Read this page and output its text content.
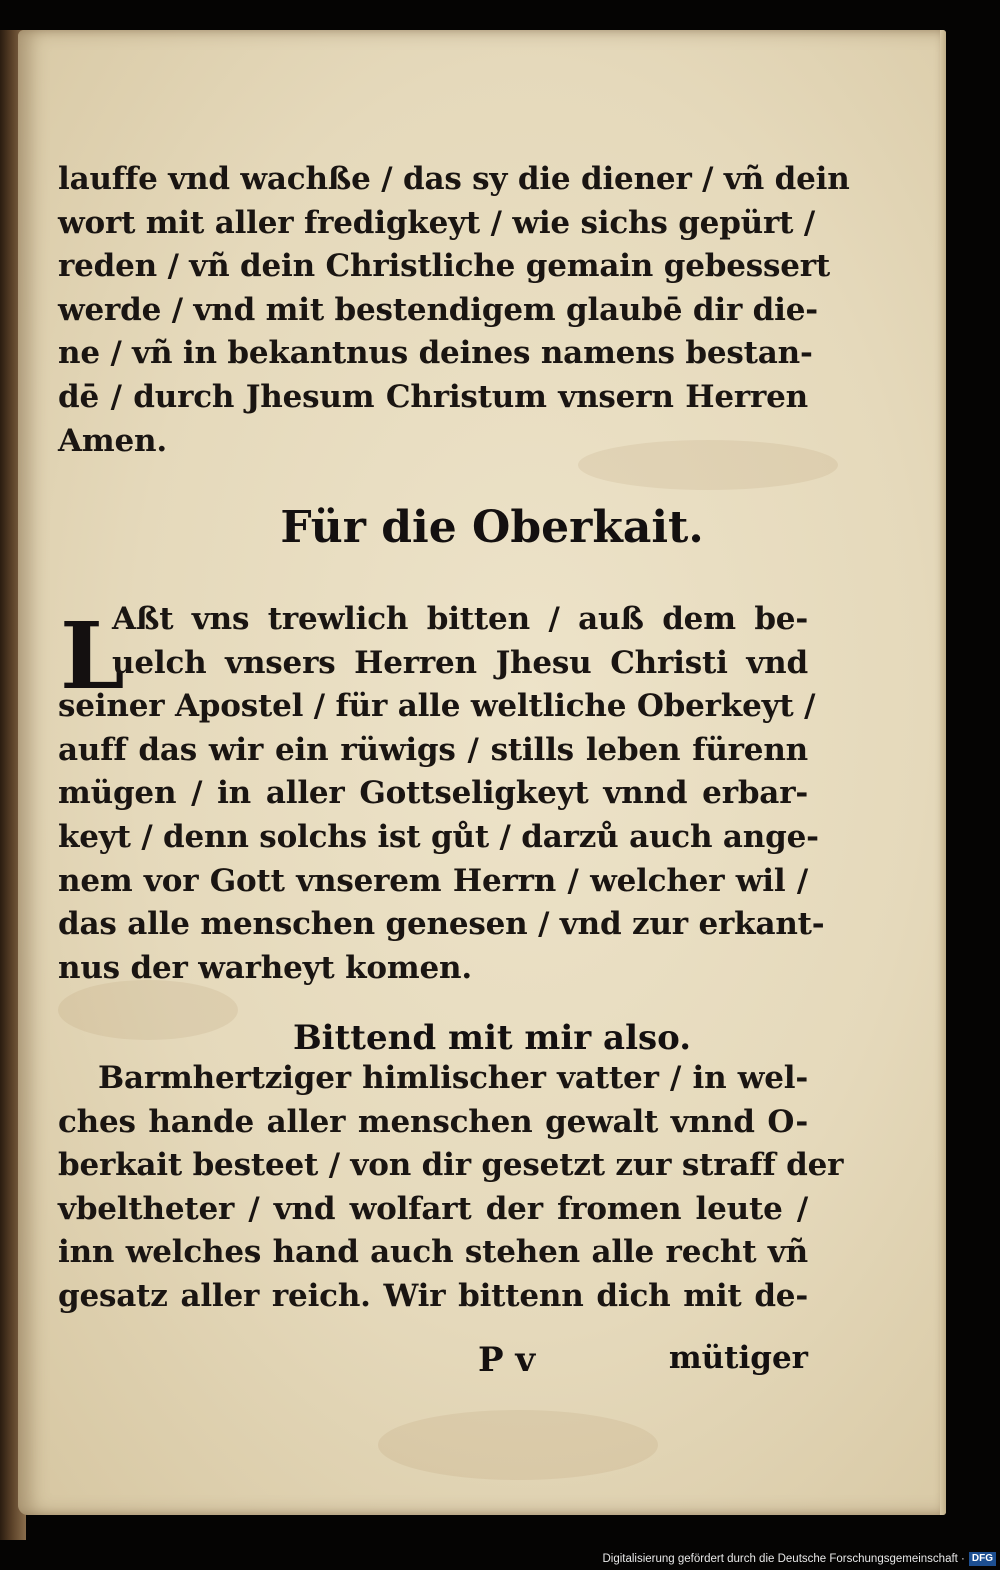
lauffe vnd wachße / das sy die diener / vñ dein
wort mit aller fredigkeyt / wie sichs gepürt /
reden / vñ dein Christliche gemain gebessert
werde / vnd mit bestendigem glaubē dir die-
ne / vñ in bekantnus deines namens bestan-
dē / durch Jhesum Christum vnsern Herren
Amen.
Für die Oberkait.
L
Aßt vns trewlich bitten / auß dem be-
uelch vnsers Herren Jhesu Christi vnd
seiner Apostel / für alle weltliche Oberkeyt /
auff das wir ein rüwigs / stills leben fürenn
mügen / in aller Gottseligkeyt vnnd erbar-
keyt / denn solchs ist gůt / darzů auch ange-
nem vor Gott vnserem Herrn / welcher wil /
das alle menschen genesen / vnd zur erkant-
nus der warheyt komen.
Bittend mit mir also.
Barmhertziger himlischer vatter / in wel-
ches hande aller menschen gewalt vnnd O-
berkait besteet / von dir gesetzt zur straff der
vbeltheter / vnd wolfart der fromen leute /
inn welches hand auch stehen alle recht vñ
gesatz aller reich. Wir bittenn dich mit de-
P v	mütiger
Digitalisierung gefördert durch die Deutsche Forschungsgemeinschaft · DFG
